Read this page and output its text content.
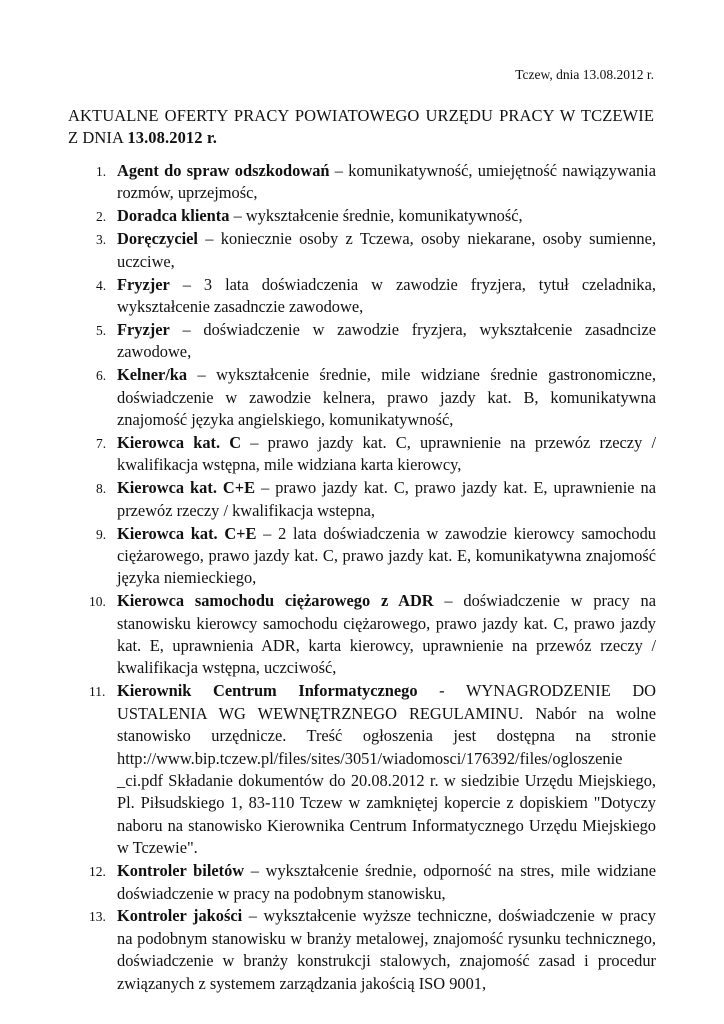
Tczew, dnia 13.08.2012 r.
AKTUALNE OFERTY PRACY POWIATOWEGO URZĘDU PRACY W TCZEWIE Z DNIA 13.08.2012 r.
1. Agent do spraw odszkodowań – komunikatywność, umiejętność nawiązywania rozmów, uprzejmośc,
2. Doradca klienta – wykształcenie średnie, komunikatywność,
3. Doręczyciel – koniecznie osoby z Tczewa, osoby niekarane, osoby sumienne, uczciwe,
4. Fryzjer – 3 lata doświadczenia w zawodzie fryzjera, tytuł czeladnika, wykształcenie zasadnczie zawodowe,
5. Fryzjer – doświadczenie w zawodzie fryzjera, wykształcenie zasadncize zawodowe,
6. Kelner/ka – wykształcenie średnie, mile widziane średnie gastronomiczne, doświadczenie w zawodzie kelnera, prawo jazdy kat. B, komunikatywna znajomość języka angielskiego, komunikatywność,
7. Kierowca kat. C – prawo jazdy kat. C, uprawnienie na przewóz rzeczy / kwalifikacja wstępna, mile widziana karta kierowcy,
8. Kierowca kat. C+E – prawo jazdy kat. C, prawo jazdy kat. E, uprawnienie na przewóz rzeczy / kwalifikacja wstepna,
9. Kierowca kat. C+E – 2 lata doświadczenia w zawodzie kierowcy samochodu ciężarowego, prawo jazdy kat. C, prawo jazdy kat. E, komunikatywna znajomość języka niemieckiego,
10. Kierowca samochodu ciężarowego z ADR – doświadczenie w pracy na stanowisku kierowcy samochodu ciężarowego, prawo jazdy kat. C, prawo jazdy kat. E, uprawnienia ADR, karta kierowcy, uprawnienie na przewóz rzeczy / kwalifikacja wstępna, uczciwość,
11. Kierownik Centrum Informatycznego - WYNAGRODZENIE DO USTALENIA WG WEWNĘTRZNEGO REGULAMINU. Nabór na wolne stanowisko urzędnicze. Treść ogłoszenia jest dostępna na stronie http://www.bip.tczew.pl/files/sites/3051/wiadomosci/176392/files/ogloszenie _ci.pdf Składanie dokumentów do 20.08.2012 r. w siedzibie Urzędu Miejskiego, Pl. Piłsudskiego 1, 83-110 Tczew w zamkniętej kopercie z dopiskiem "Dotyczy naboru na stanowisko Kierownika Centrum Informatycznego Urzędu Miejskiego w Tczewie".
12. Kontroler biletów – wykształcenie średnie, odporność na stres, mile widziane doświadczenie w pracy na podobnym stanowisku,
13. Kontroler jakości – wykształcenie wyższe techniczne, doświadczenie w pracy na podobnym stanowisku w branży metalowej, znajomość rysunku technicznego, doświadczenie w branży konstrukcji stalowych, znajomość zasad i procedur związanych z systemem zarządzania jakością ISO 9001,
